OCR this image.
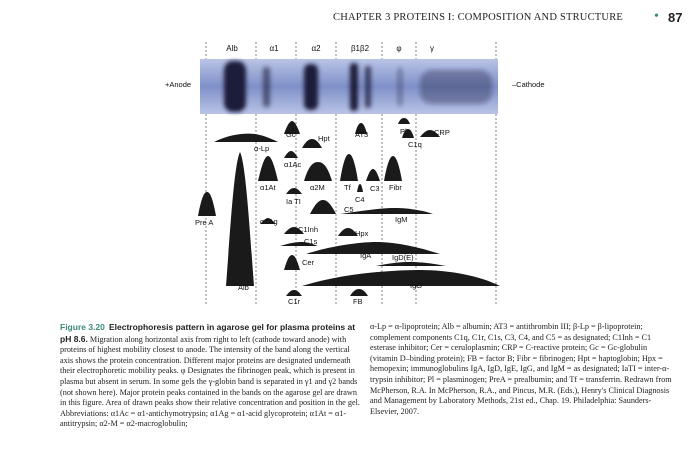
CHAPTER 3 PROTEINS I: COMPOSITION AND STRUCTURE • 87
Alb	α1	α2	β1β2	φ	γ
+Anode	–Cathode
Gc	Hpt	AT3	Pl	CRP
α-Lp	C1q
α1Ac
α1At	α2M	Tf	C3 Fibr
C4
Ia TI
C5
IgM
Pre A	α1Ag
C1Inh	Hpx
C1s
IgA	IgD(E)
Cer
IgG
Alb
C1r	FB

Figure 3.20 Electrophoresis pattern in agarose gel for plasma proteins at pH 8.6. Migration along horizontal axis from right to left (cathode toward anode) with proteins of highest mobility closest to anode. The intensity of the band along the vertical axis shows the protein concentration. Different major proteins are designated underneath their electrophoretic mobility peaks. φ Designates the fibrinogen peak, which is present in plasma but absent in serum. In some gels the γ-globin band is separated in γ1 and γ2 bands (not shown here). Major protein peaks contained in the bands on the agarose gel are drawn in this figure. Area of drawn peaks show their relative concentration and position in the gel. Abbreviations: α1Ac = α1-antichymotrypsin; α1Ag = α1-acid glycoprotein; α1At = α1-antitrypsin; α2-M = α2-macroglobulin;

α-Lp = α-lipoprotein; Alb = albumin; AT3 = antithrombin III; β-Lp = β-lipoprotein; complement components C1q, C1r, C1s, C3, C4, and C5 = as designated; C1Inh = C1 esterase inhibitor; Cer = ceruloplasmin; CRP = C-reactive protein; Gc = Gc-globulin (vitamin D–binding protein); FB = factor B; Fibr = fibrinogen; Hpt = haptoglobin; Hpx = hemopexin; immunoglobulins IgA, IgD, IgE, IgG, and IgM = as designated; IaTI = inter-α-trypsin inhibitor; Pl = plasminogen; PreA = prealbumin; and Tf = transferrin. Redrawn from McPherson, R.A. In McPherson, R.A., and Pincus, M.R. (Eds.), Henry's Clinical Diagnosis and Management by Laboratory Methods, 21st ed., Chap. 19. Philadelphia: Saunders-Elsevier, 2007.
